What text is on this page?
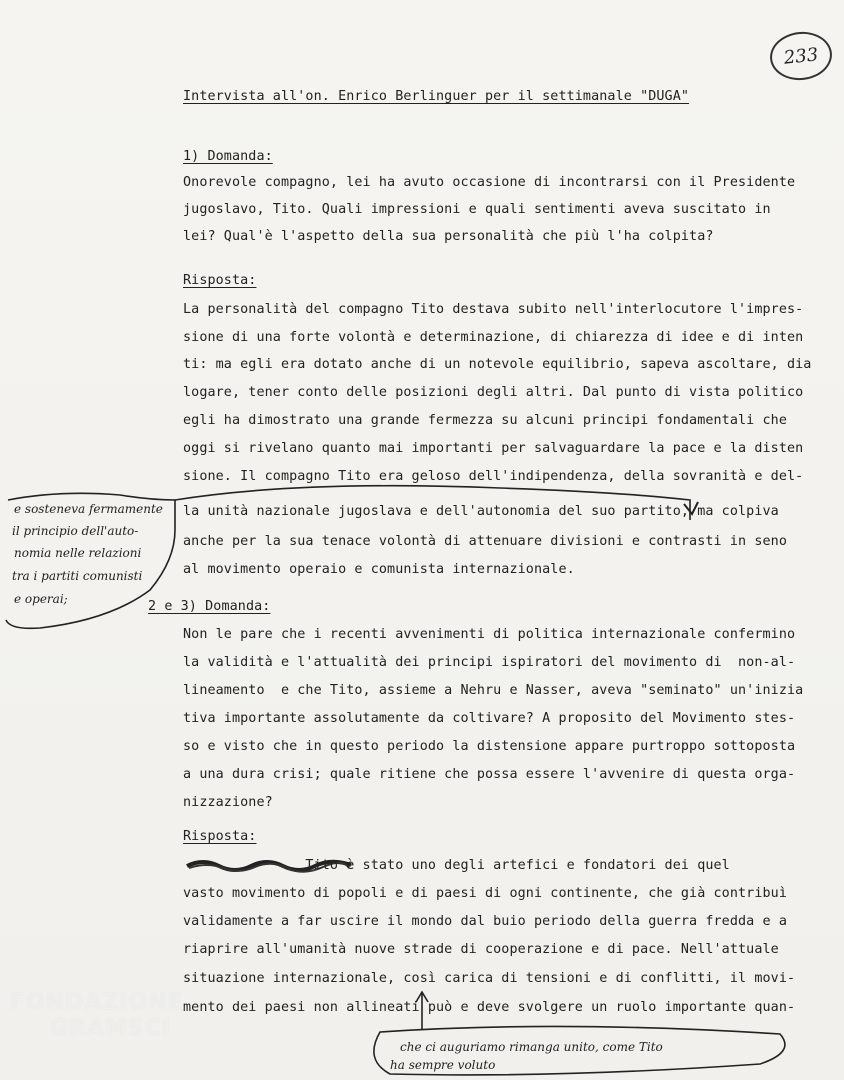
233
Intervista all'on. Enrico Berlinguer per il settimanale "DUGA"
1) Domanda:
Onorevole compagno, lei ha avuto occasione di incontrarsi con il Presidente
jugoslavo, Tito. Quali impressioni e quali sentimenti aveva suscitato in
lei? Qual'è l'aspetto della sua personalità che più l'ha colpita?
Risposta:
La personalità del compagno Tito destava subito nell'interlocutore l'impres-
sione di una forte volontà e determinazione, di chiarezza di idee e di inten
ti: ma egli era dotato anche di un notevole equilibrio, sapeva ascoltare, dia
logare, tener conto delle posizioni degli altri. Dal punto di vista politico
egli ha dimostrato una grande fermezza su alcuni principi fondamentali che
oggi si rivelano quanto mai importanti per salvaguardare la pace e la disten
sione. Il compagno Tito era geloso dell'indipendenza, della sovranità e del-
la unità nazionale jugoslava e dell'autonomia del suo partito, ma colpiva
anche per la sua tenace volontà di attenuare divisioni e contrasti in seno
al movimento operaio e comunista internazionale.
2 e 3) Domanda:
Non le pare che i recenti avvenimenti di politica internazionale confermino
la validità e l'attualità dei principi ispiratori del movimento di  non-al-
lineamento  e che Tito, assieme a Nehru e Nasser, aveva "seminato" un'inizia
tiva importante assolutamente da coltivare? A proposito del Movimento stes-
so e visto che in questo periodo la distensione appare purtroppo sottoposta
a una dura crisi; quale ritiene che possa essere l'avvenire di questa orga-
nizzazione?
Risposta:
Tito è stato uno degli artefici e fondatori dei quel
vasto movimento di popoli e di paesi di ogni continente, che già contribuì
validamente a far uscire il mondo dal buio periodo della guerra fredda e a
riaprire all'umanità nuove strade di cooperazione e di pace. Nell'attuale
situazione internazionale, così carica di tensioni e di conflitti, il movi-
mento dei paesi non allineati può e deve svolgere un ruolo importante quan-
e sosteneva fermamente
il principio dell'auto-
nomia nelle relazioni
tra i partiti comunisti
e operai;
che ci auguriamo rimanga unito, come Tito
ha sempre voluto
FONDAZIONE
GRAMSCI
